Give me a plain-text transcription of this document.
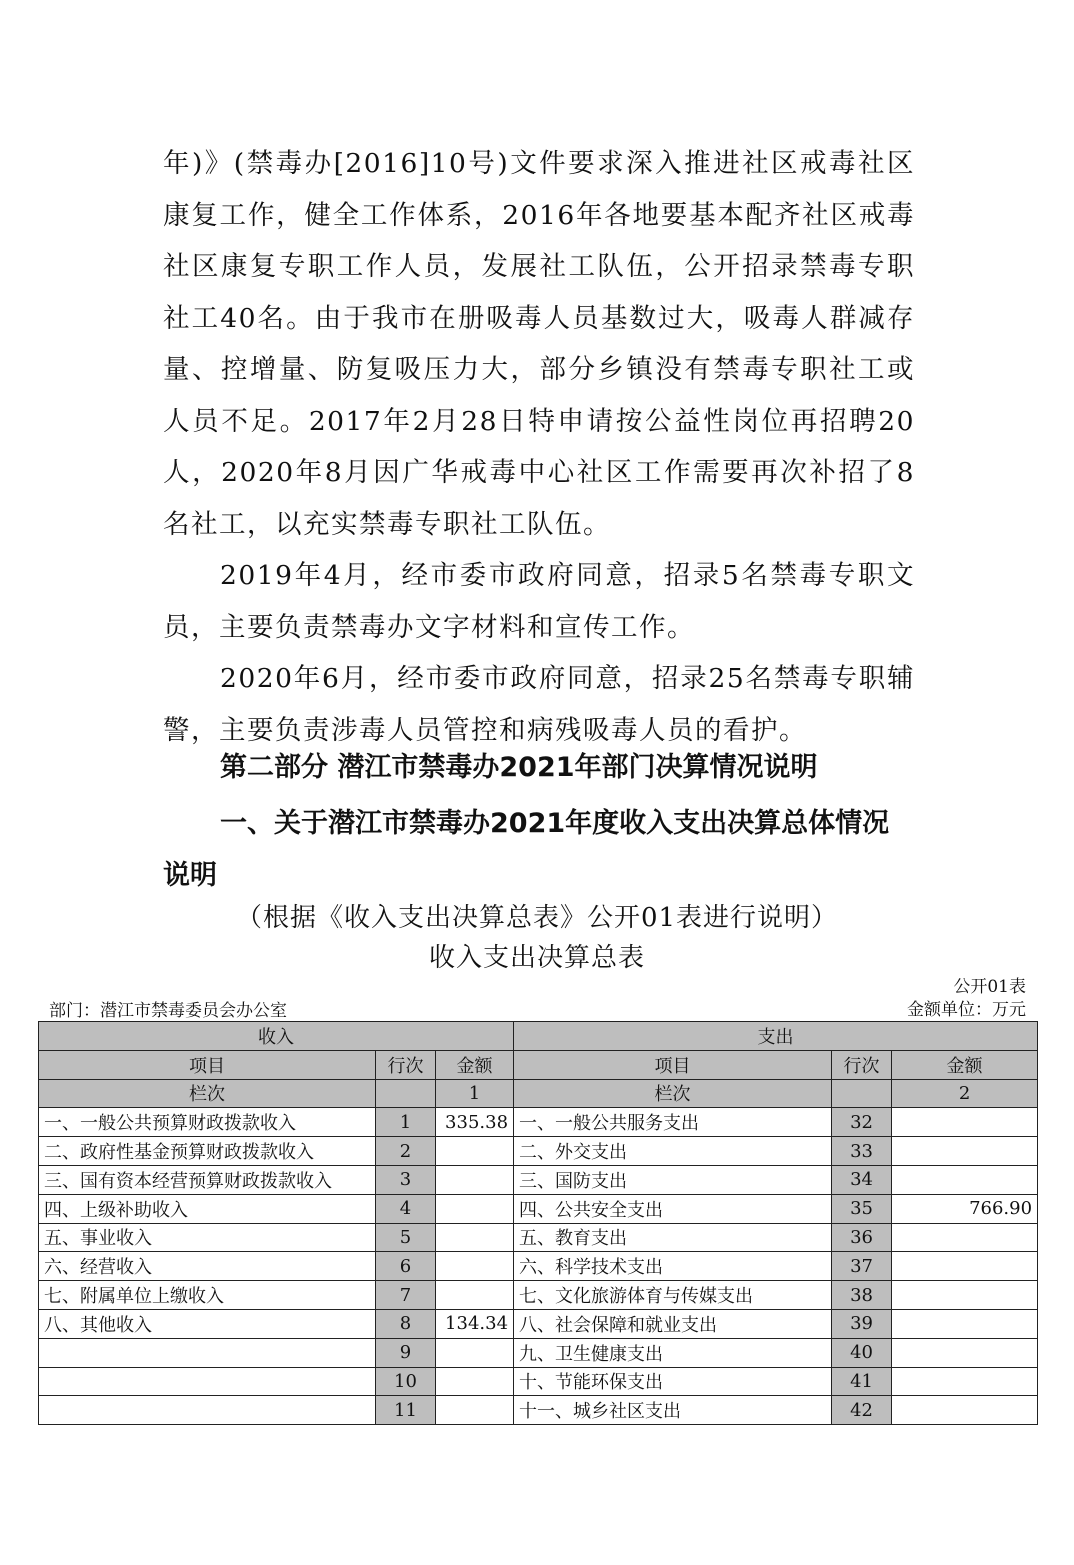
年)》(禁毒办[2016]10号)文件要求深入推进社区戒毒社区康复工作，健全工作体系，2016年各地要基本配齐社区戒毒社区康复专职工作人员，发展社工队伍，公开招录禁毒专职社工40名。由于我市在册吸毒人员基数过大，吸毒人群减存量、控增量、防复吸压力大，部分乡镇没有禁毒专职社工或人员不足。2017年2月28日特申请按公益性岗位再招聘20人，2020年8月因广华戒毒中心社区工作需要再次补招了8名社工，以充实禁毒专职社工队伍。

2019年4月，经市委市政府同意，招录5名禁毒专职文员，主要负责禁毒办文字材料和宣传工作。

2020年6月，经市委市政府同意，招录25名禁毒专职辅警，主要负责涉毒人员管控和病残吸毒人员的看护。

第二部分 潜江市禁毒办2021年部门决算情况说明
一、关于潜江市禁毒办2021年度收入支出决算总体情况说明
（根据《收入支出决算总表》公开01表进行说明）
收入支出决算总表
公开01表
部门：潜江市禁毒委员会办公室	金额单位：万元
收入			支出		
项目	行次	金额	项目	行次	金额
栏次		1	栏次		2
一、一般公共预算财政拨款收入	1	335.38	一、一般公共服务支出	32	
二、政府性基金预算财政拨款收入	2		二、外交支出	33	
三、国有资本经营预算财政拨款收入	3		三、国防支出	34	
四、上级补助收入	4		四、公共安全支出	35	766.90
五、事业收入	5		五、教育支出	36	
六、经营收入	6		六、科学技术支出	37	
七、附属单位上缴收入	7		七、文化旅游体育与传媒支出	38	
八、其他收入	8	134.34	八、社会保障和就业支出	39	
	9		九、卫生健康支出	40	
	10		十、节能环保支出	41	
	11		十一、城乡社区支出	42	
